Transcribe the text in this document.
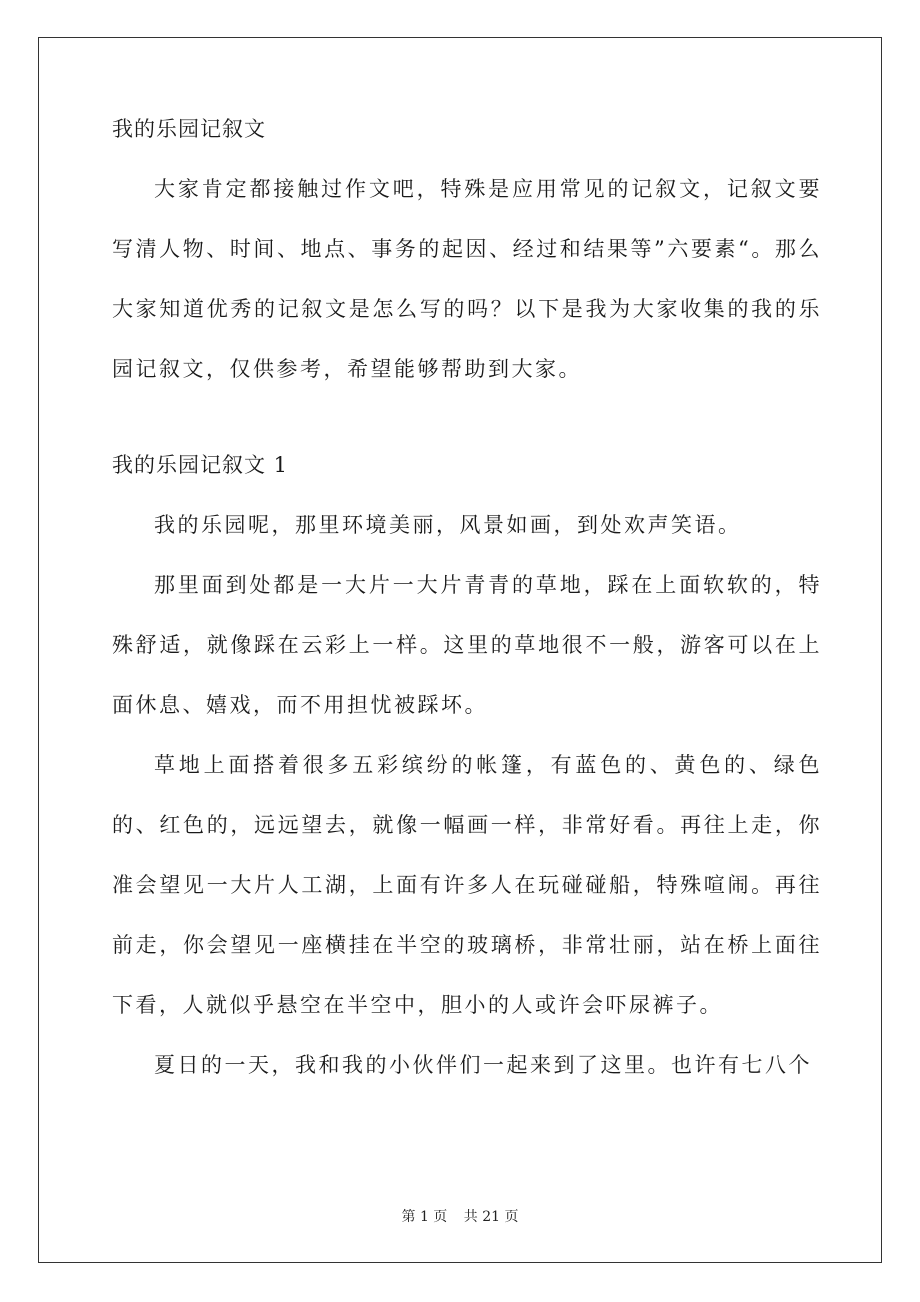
我的乐园记叙文

大家肯定都接触过作文吧，特殊是应用常见的记叙文，记叙文要写清人物、时间、地点、事务的起因、经过和结果等”六要素“。那么大家知道优秀的记叙文是怎么写的吗？以下是我为大家收集的我的乐园记叙文，仅供参考，希望能够帮助到大家。

我的乐园记叙文 1

我的乐园呢，那里环境美丽，风景如画，到处欢声笑语。

那里面到处都是一大片一大片青青的草地，踩在上面软软的，特殊舒适，就像踩在云彩上一样。这里的草地很不一般，游客可以在上面休息、嬉戏，而不用担忧被踩坏。

草地上面搭着很多五彩缤纷的帐篷，有蓝色的、黄色的、绿色的、红色的，远远望去，就像一幅画一样，非常好看。再往上走，你准会望见一大片人工湖，上面有许多人在玩碰碰船，特殊喧闹。再往前走，你会望见一座横挂在半空的玻璃桥，非常壮丽，站在桥上面往下看，人就似乎悬空在半空中，胆小的人或许会吓尿裤子。

夏日的一天，我和我的小伙伴们一起来到了这里。也许有七八个

第 1 页 共 21 页
